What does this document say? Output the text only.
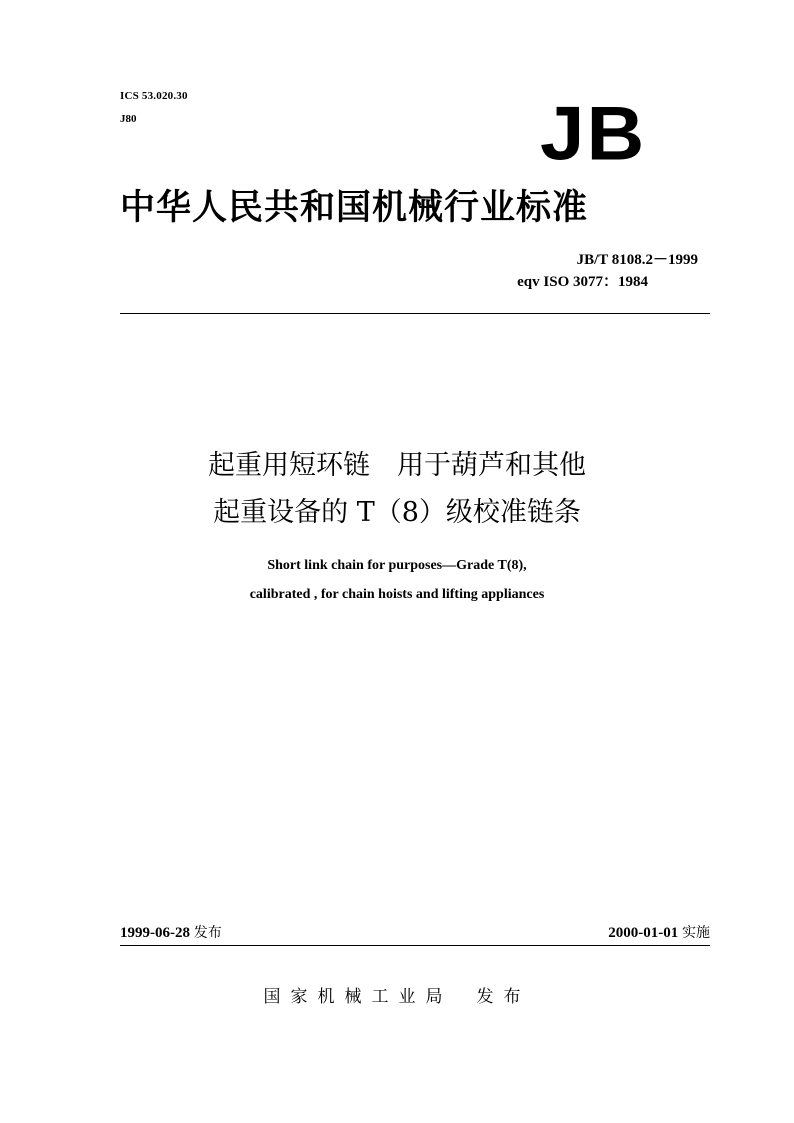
ICS 53.020.30
J80	JB
中华人民共和国机械行业标准
JB/T 8108.2－1999
eqv ISO 3077：1984
起重用短环链　用于葫芦和其他
起重设备的 T（8）级校准链条
Short link chain for purposes—Grade T(8),
calibrated , for chain hoists and lifting appliances
1999-06-28 发布	2000-01-01 实施
国家机械工业局 发布
